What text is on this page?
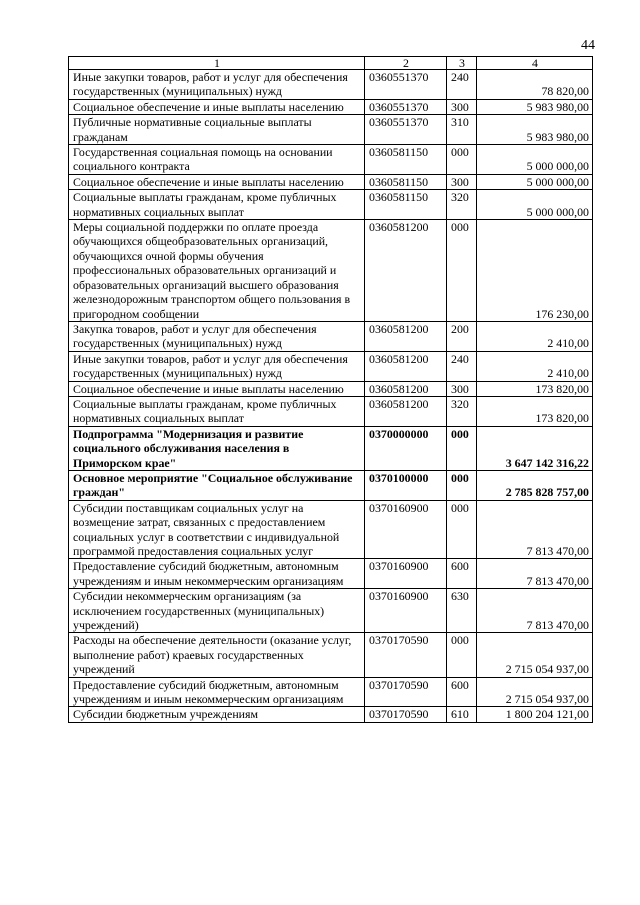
44
1	2	3	4
Иные закупки товаров, работ и услуг для обеспечения государственных (муниципальных) нужд	0360551370	240	78 820,00
Социальное обеспечение и иные выплаты населению	0360551370	300	5 983 980,00
Публичные нормативные социальные выплаты гражданам	0360551370	310	5 983 980,00
Государственная социальная помощь на основании социального контракта	0360581150	000	5 000 000,00
Социальное обеспечение и иные выплаты населению	0360581150	300	5 000 000,00
Социальные выплаты гражданам, кроме публичных нормативных социальных выплат	0360581150	320	5 000 000,00
Меры социальной поддержки по оплате проезда обучающихся общеобразовательных организаций, обучающихся очной формы обучения профессиональных образовательных организаций и образовательных организаций высшего образования железнодорожным транспортом общего пользования в пригородном сообщении	0360581200	000	176 230,00
Закупка товаров, работ и услуг для обеспечения государственных (муниципальных) нужд	0360581200	200	2 410,00
Иные закупки товаров, работ и услуг для обеспечения государственных (муниципальных) нужд	0360581200	240	2 410,00
Социальное обеспечение и иные выплаты населению	0360581200	300	173 820,00
Социальные выплаты гражданам, кроме публичных нормативных социальных выплат	0360581200	320	173 820,00
Подпрограмма "Модернизация и развитие социального обслуживания населения в Приморском крае"	0370000000	000	3 647 142 316,22
Основное мероприятие "Социальное обслуживание граждан"	0370100000	000	2 785 828 757,00
Субсидии поставщикам социальных услуг на возмещение затрат, связанных с предоставлением социальных услуг в соответствии с индивидуальной программой предоставления социальных услуг	0370160900	000	7 813 470,00
Предоставление субсидий бюджетным, автономным учреждениям и иным некоммерческим организациям	0370160900	600	7 813 470,00
Субсидии некоммерческим организациям (за исключением государственных (муниципальных) учреждений)	0370160900	630	7 813 470,00
Расходы на обеспечение деятельности (оказание услуг, выполнение работ) краевых государственных учреждений	0370170590	000	2 715 054 937,00
Предоставление субсидий бюджетным, автономным учреждениям и иным некоммерческим организациям	0370170590	600	2 715 054 937,00
Субсидии бюджетным учреждениям	0370170590	610	1 800 204 121,00
